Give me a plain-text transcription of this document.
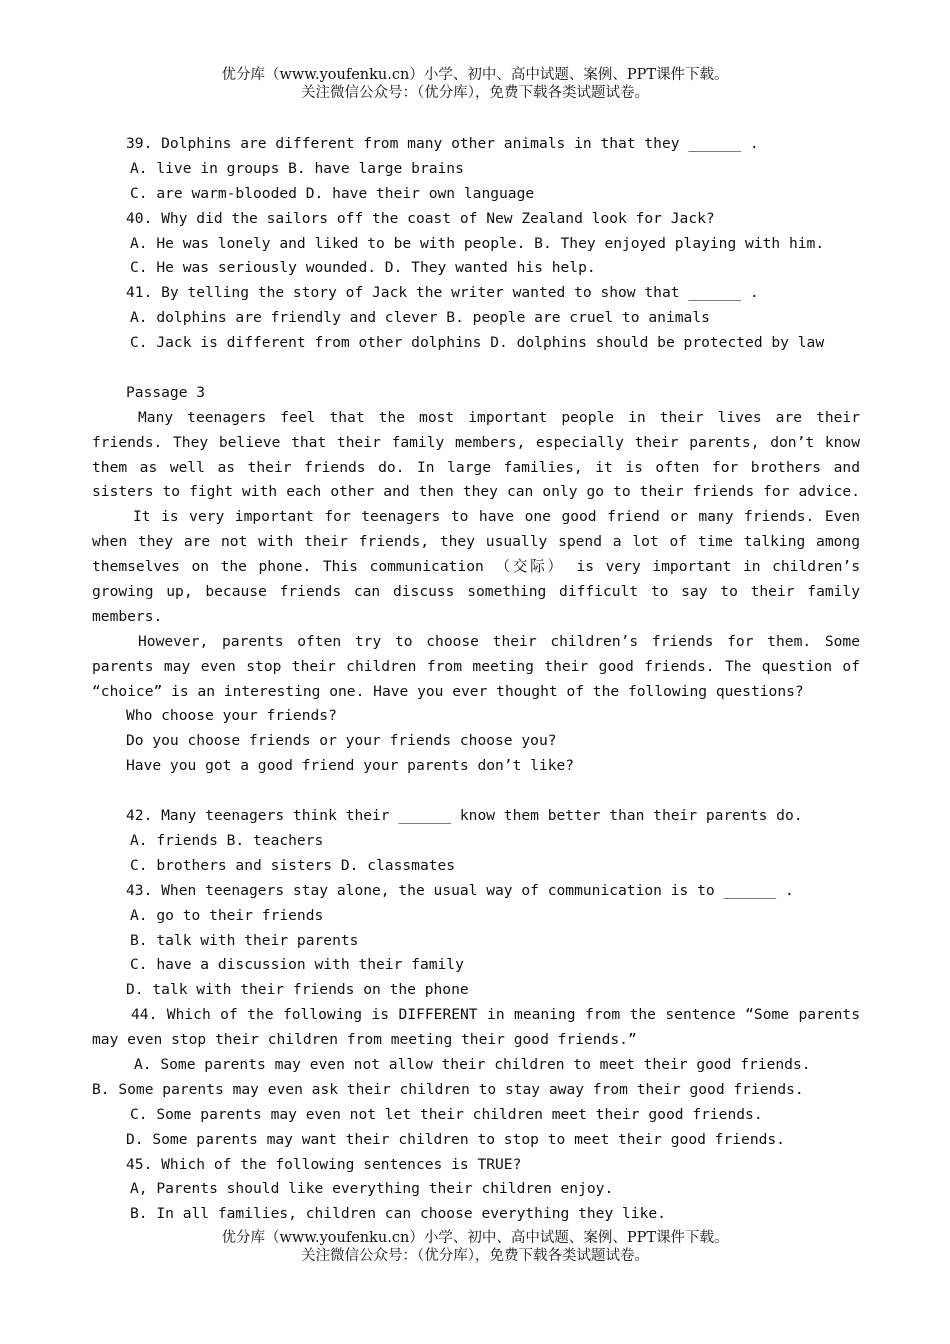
优分库（www.youfenku.cn）小学、初中、高中试题、案例、PPT课件下载。
关注微信公众号：（优分库），免费下载各类试题试卷。
39. Dolphins are different from many other animals in that they ______ .
A. live in groups B. have large brains
C. are warm-blooded D. have their own language
40. Why did the sailors off the coast of New Zealand look for Jack?
A. He was lonely and liked to be with people. B. They enjoyed playing with him.
C. He was seriously wounded. D. They wanted his help.
41. By telling the story of Jack the writer wanted to show that ______ .
A. dolphins are friendly and clever B. people are cruel to animals
C. Jack is different from other dolphins D. dolphins should be protected by law
Passage 3
Many teenagers feel that the most important people in their lives are their
friends. They believe that their family members, especially their parents, don’t know
them as well as their friends do. In large families, it is often for brothers and
sisters to fight with each other and then they can only go to their friends for advice.
It is very important for teenagers to have one good friend or many friends. Even
when they are not with their friends, they usually spend a lot of time talking among
themselves on the phone. This communication （交际） is very important in children’s
growing up, because friends can discuss something difficult to say to their family
members.
However, parents often try to choose their children’s friends for them. Some
parents may even stop their children from meeting their good friends. The question of
“choice” is an interesting one. Have you ever thought of the following questions?
Who choose your friends?
Do you choose friends or your friends choose you?
Have you got a good friend your parents don’t like?
42. Many teenagers think their ______ know them better than their parents do.
A. friends B. teachers
C. brothers and sisters D. classmates
43. When teenagers stay alone, the usual way of communication is to ______ .
A. go to their friends
B. talk with their parents
C. have a discussion with their family
D. talk with their friends on the phone
44. Which of the following is DIFFERENT in meaning from the sentence “Some parents
may even stop their children from meeting their good friends.”
A. Some parents may even not allow their children to meet their good friends.
B. Some parents may even ask their children to stay away from their good friends.
C. Some parents may even not let their children meet their good friends.
D. Some parents may want their children to stop to meet their good friends.
45. Which of the following sentences is TRUE?
A, Parents should like everything their children enjoy.
B. In all families, children can choose everything they like.
优分库（www.youfenku.cn）小学、初中、高中试题、案例、PPT课件下载。
关注微信公众号：（优分库），免费下载各类试题试卷。
